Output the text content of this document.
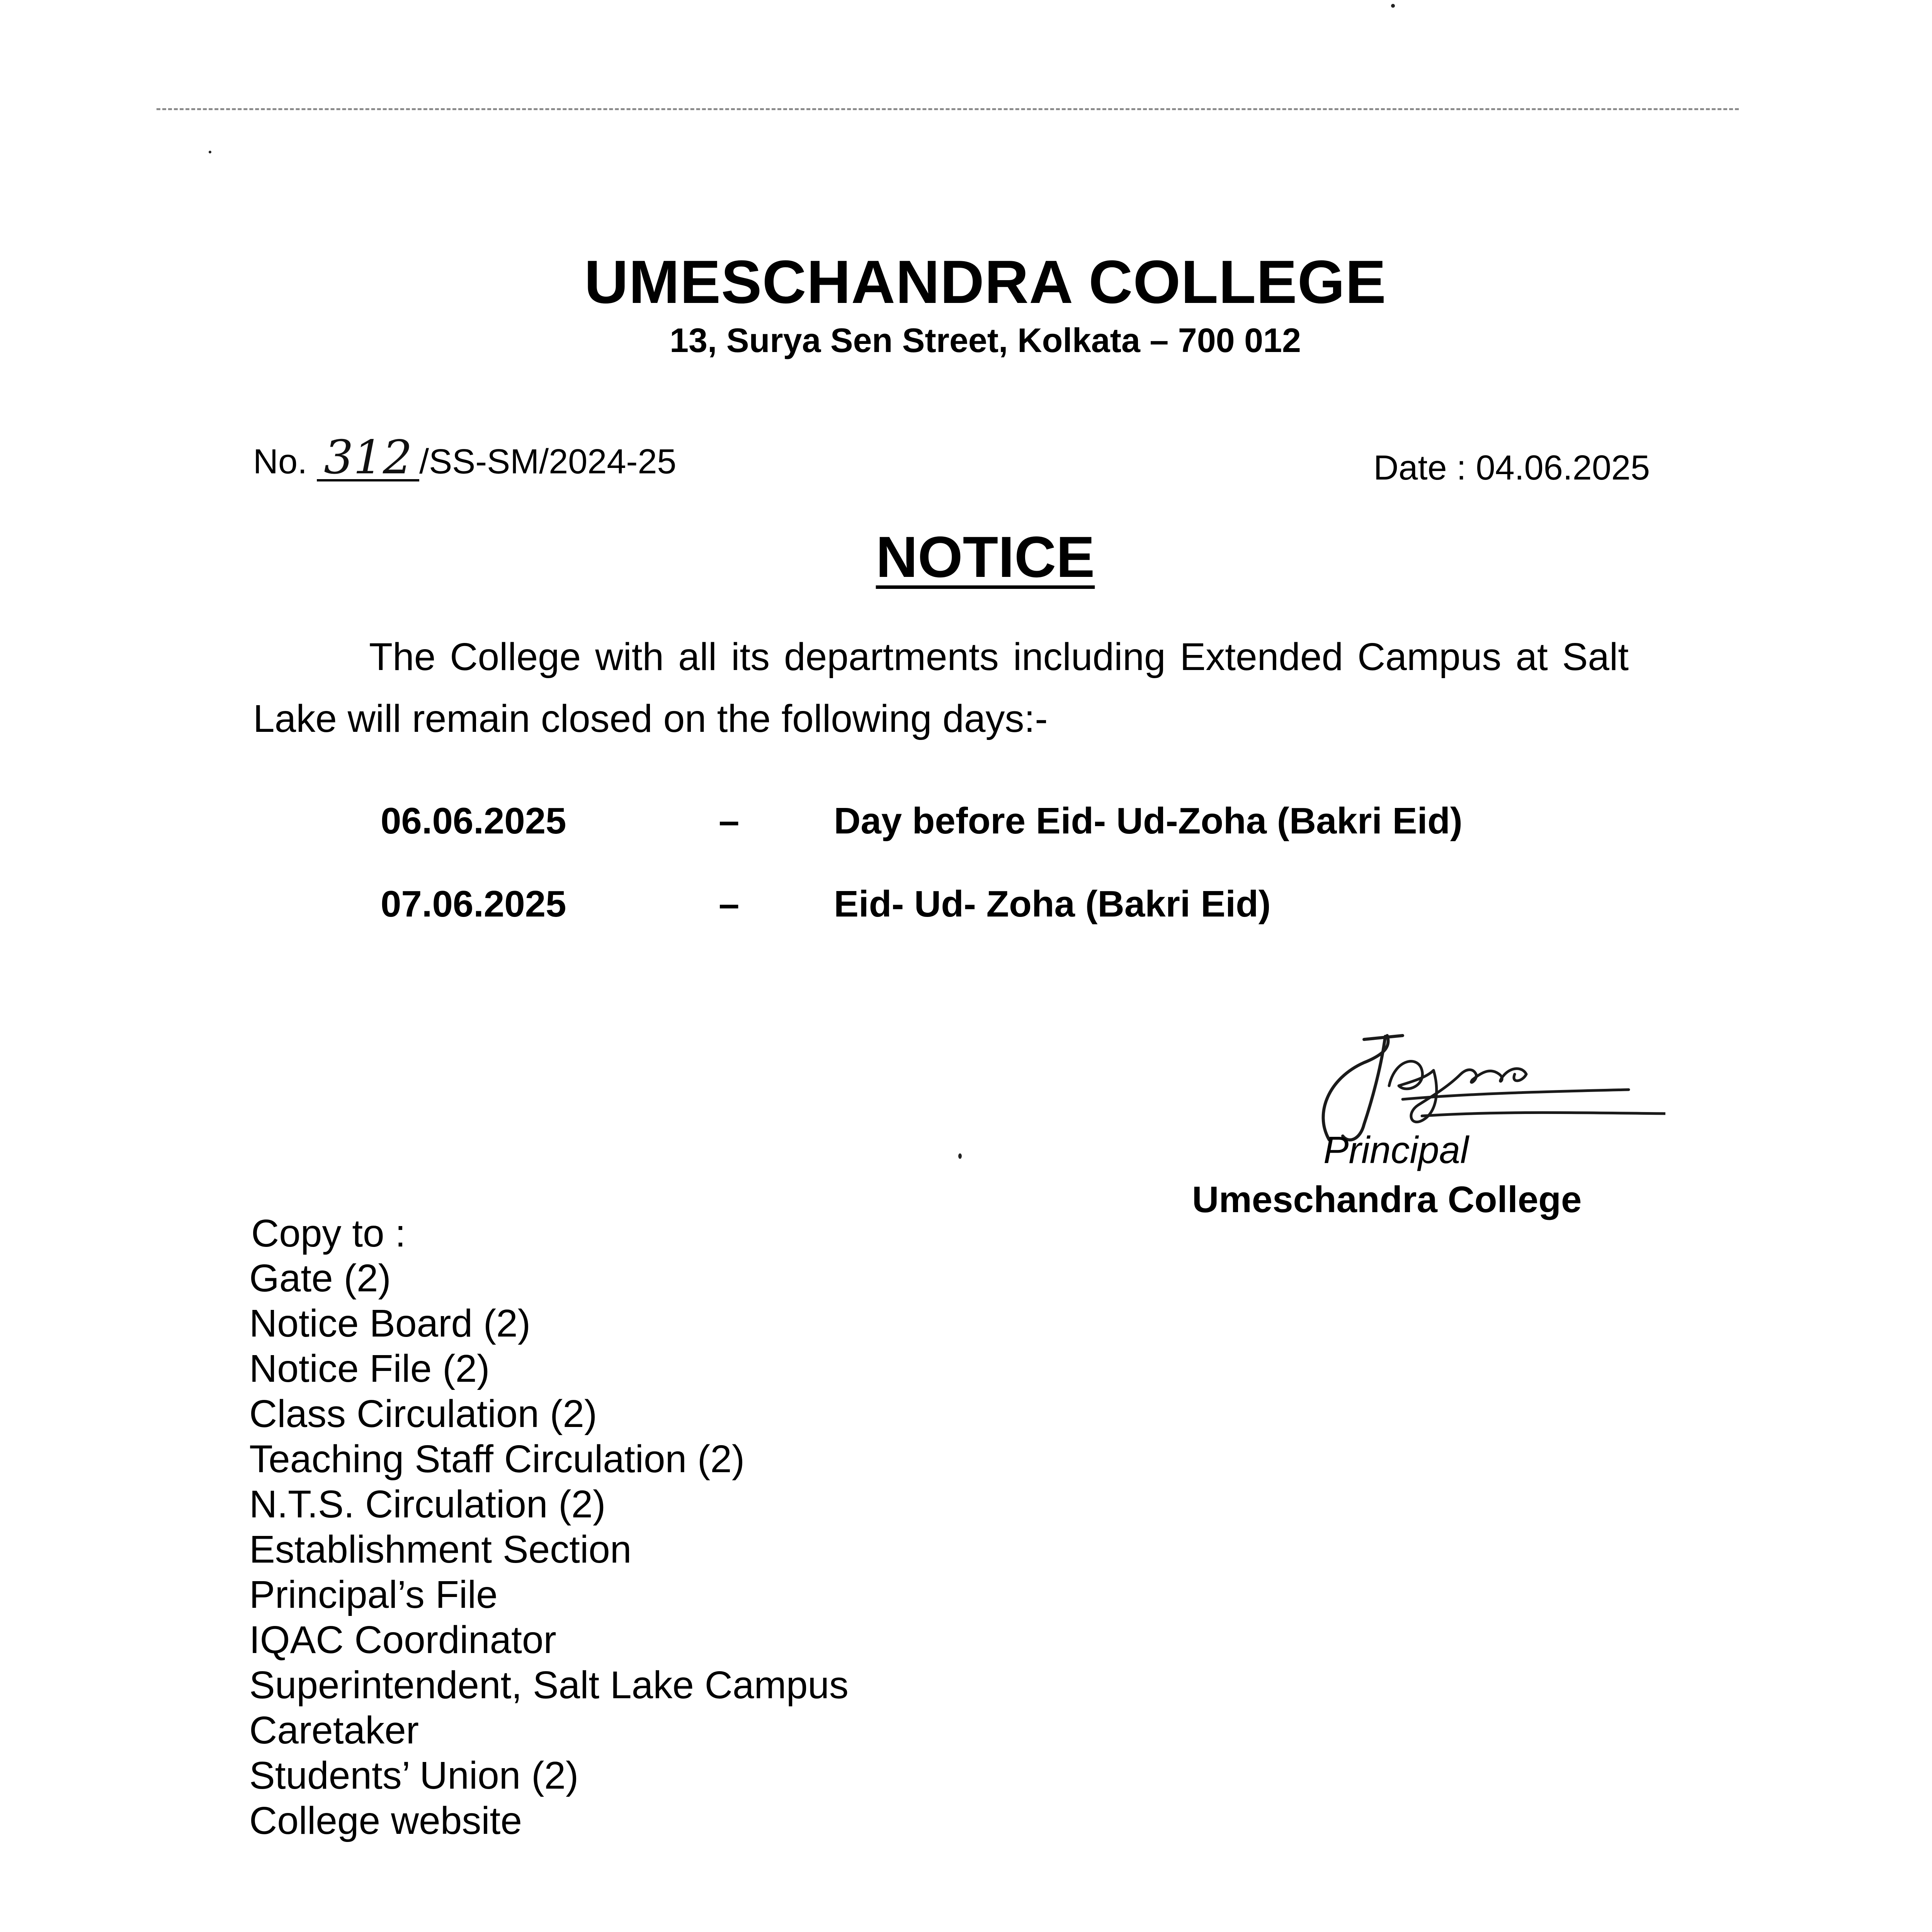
UMESCHANDRA COLLEGE
13, Surya Sen Street, Kolkata – 700 012
No. 312 /SS-SM/2024-25	Date : 04.06.2025
NOTICE

The College with all its departments including Extended Campus at Salt Lake will remain closed on the following days:-

06.06.2025	–	Day before Eid- Ud-Zoha (Bakri Eid)
07.06.2025	–	Eid- Ud- Zoha (Bakri Eid)
Principal
Umeschandra College
Copy to :
Gate (2)
Notice Board (2)
Notice File (2)
Class Circulation (2)
Teaching Staff Circulation (2)
N.T.S. Circulation (2)
Establishment Section
Principal’s File
IQAC Coordinator
Superintendent, Salt Lake Campus
Caretaker
Students’ Union (2)
College website
